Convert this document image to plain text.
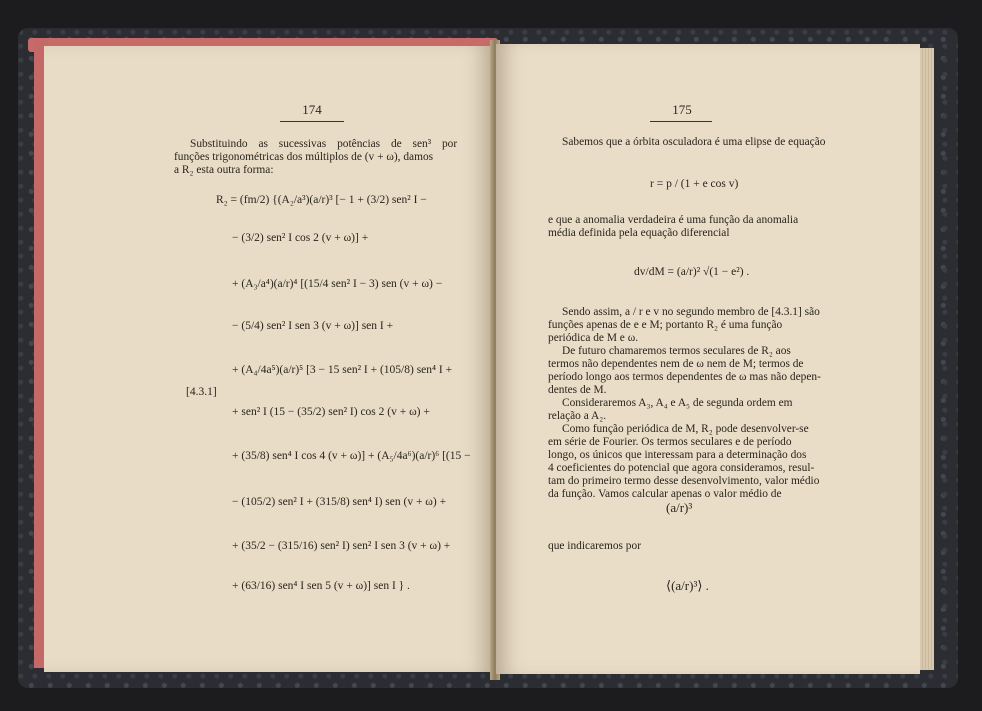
174
Substituindo as sucessivas potências de sen³ por
funções trigonométricas dos múltiplos de (v + ω), damos
a R₂ esta outra forma:
R₂ = (fm/2) {(A₂/a³)(a/r)³ [− 1 + (3/2) sen² I −
− (3/2) sen² I cos 2 (v + ω)] +
+ (A₃/a⁴)(a/r)⁴ [(15/4 sen² I − 3) sen (v + ω) −
− (5/4) sen² I sen 3 (v + ω)] sen I +
+ (A₄/4a⁵)(a/r)⁵ [3 − 15 sen² I + (105/8) sen⁴ I +
[4.3.1]
+ sen² I (15 − (35/2) sen² I) cos 2 (v + ω) +
+ (35/8) sen⁴ I cos 4 (v + ω)] + (A₅/4a⁶)(a/r)⁶ [(15 −
− (105/2) sen² I + (315/8) sen⁴ I) sen (v + ω) +
+ (35/2 − (315/16) sen² I) sen² I sen 3 (v + ω) +
+ (63/16) sen⁴ I sen 5 (v + ω)] sen I } .
175
Sabemos que a órbita osculadora é uma elipse de equação
r = p / (1 + e cos v)
e que a anomalia verdadeira é uma função da anomalia
média definida pela equação diferencial
dv/dM = (a/r)² √(1 − e²) .
Sendo assim, a / r e v no segundo membro de [4.3.1] são
funções apenas de e e M; portanto R₂ é uma função
periódica de M e ω.
De futuro chamaremos termos seculares de R₂ aos
termos não dependentes nem de ω nem de M; termos de
período longo aos termos dependentes de ω mas não depen-
dentes de M.
Consideraremos A₃, A₄ e A₅ de segunda ordem em
relação a A₂.
Como função periódica de M, R₂ pode desenvolver-se
em série de Fourier. Os termos seculares e de período
longo, os únicos que interessam para a determinação dos
4 coeficientes do potencial que agora consideramos, resul-
tam do primeiro termo desse desenvolvimento, valor médio
da função. Vamos calcular apenas o valor médio de
(a/r)³
que indicaremos por
⟨(a/r)³⟩ .
